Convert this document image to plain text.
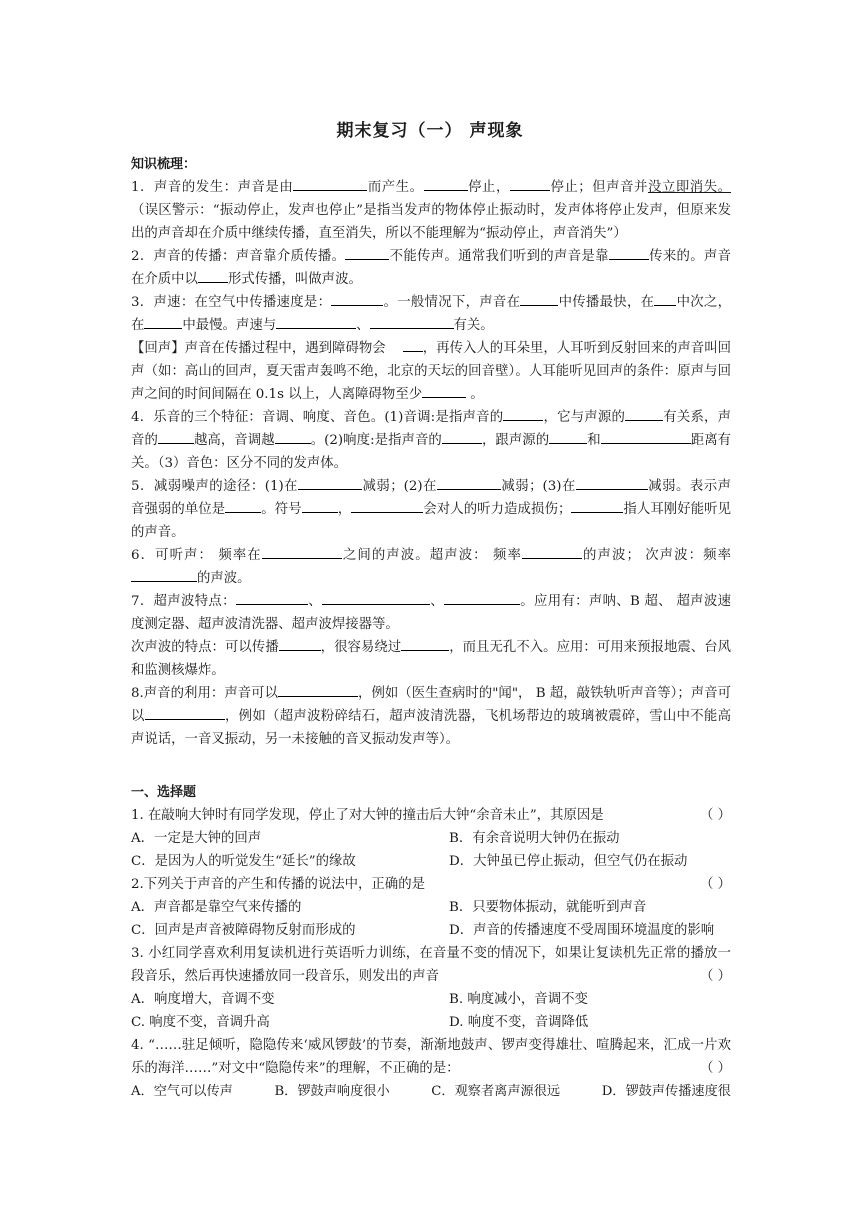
期末复习（一） 声现象

知识梳理：

1．声音的发生：声音是由	而产生。	停止，	停止；但声音并没立即消失。（误区警示：“振动停止，发声也停止”是指当发声的物体停止振动时，发声体将停止发声，但原来发出的声音却在介质中继续传播，直至消失，所以不能理解为“振动停止，声音消失”）

2．声音的传播：声音靠介质传播。	不能传声。通常我们听到的声音是靠	传来的。声音在介质中以 形式传播，叫做声波。

3．声速：在空气中传播速度是：	。一般情况下，声音在	中传播最快，在 中次之，在	中最慢。声速与	、	有关。

【回声】声音在传播过程中，遇到障碍物会	，再传入人的耳朵里，人耳听到反射回来的声音叫回声（如：高山的回声，夏天雷声轰鸣不绝，北京的天坛的回音壁）。人耳能听见回声的条件：原声与回声之间的时间间隔在 0.1s 以上，人离障碍物至少	。

4．乐音的三个特征：音调、响度、音色。(1)音调:是指声音的	，它与声源的	有关系，声音的	越高，音调越	。(2)响度:是指声音的	，跟声源的	和	距离有关。（3）音色：区分不同的发声体。

5．减弱噪声的途径：(1)在	减弱；(2)在	减弱；(3)在	减弱。表示声音强弱的单位是	。符号	，	会对人的听力造成损伤；	指人耳刚好能听见的声音。

6．可听声： 频率在	之间的声波。超声波： 频率	的声波； 次声波：频率的声波。

7．超声波特点：	、	、	。应用有：声呐、B 超、 超声波速度测定器、超声波清洗器、超声波焊接器等。

次声波的特点：可以传播	，很容易绕过	，而且无孔不入。应用：可用来预报地震、台风和监测核爆炸。

8.声音的利用：声音可以	，例如（医生查病时的"闻"， B 超，敲铁轨听声音等）；声音可以	，例如（超声波粉碎结石，超声波清洗器，飞机场帮边的玻璃被震碎，雪山中不能高声说话，一音叉振动，另一未接触的音叉振动发声等）。

一、选择题

1. 在敲响大钟时有同学发现，停止了对大钟的撞击后大钟“余音未止”，其原因是	（ ）

A．一定是大钟的回声	B．有余音说明大钟仍在振动
C．是因为人的听觉发生“延长”的缘故	D．大钟虽已停止振动，但空气仍在振动

2.下列关于声音的产生和传播的说法中，正确的是	（ ）

A．声音都是靠空气来传播的	B．只要物体振动，就能听到声音
C．回声是声音被障碍物反射而形成的	D．声音的传播速度不受周围环境温度的影响

3. 小红同学喜欢利用复读机进行英语听力训练，在音量不变的情况下，如果让复读机先正常的播放一段音乐，然后再快速播放同一段音乐，则发出的声音	（ ）

A．响度增大，音调不变	B. 响度减小，音调不变
C. 响度不变，音调升高	D. 响度不变，音调降低

4. “……驻足倾听，隐隐传来‘威风锣鼓’的节奏，渐渐地鼓声、锣声变得雄壮、喧腾起来，汇成一片欢乐的海洋……”对文中“隐隐传来”的理解，不正确的是：	（ ）

A．空气可以传声	B．锣鼓声响度很小	C．观察者离声源很远	D．锣鼓声传播速度很
